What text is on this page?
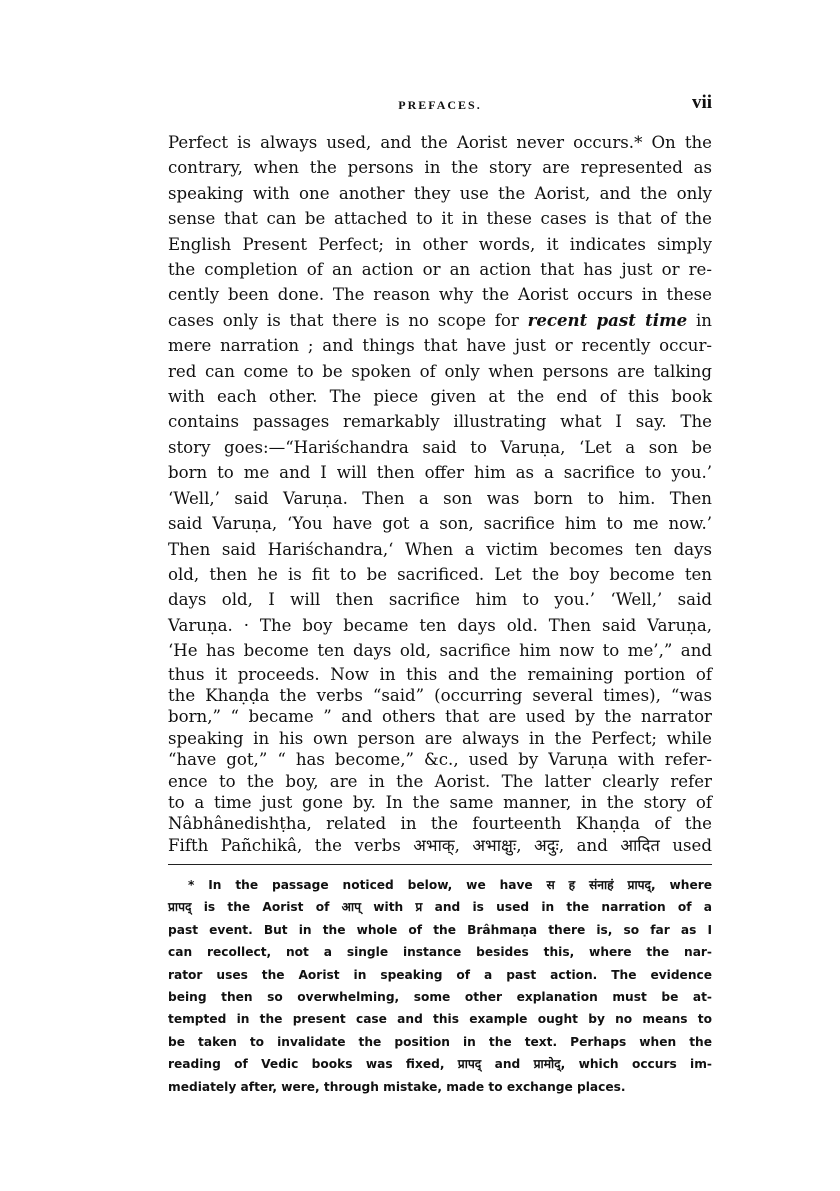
PREFACES.	vii
Perfect is always used, and the Aorist never occurs.* On the
contrary, when the persons in the story are represented as
speaking with one another they use the Aorist, and the only
sense that can be attached to it in these cases is that of the
English Present Perfect; in other words, it indicates simply
the completion of an action or an action that has just or re-
cently been done. The reason why the Aorist occurs in these
cases only is that there is no scope for recent past time in
mere narration ; and things that have just or recently occur-
red can come to be spoken of only when persons are talking
with each other. The piece given at the end of this book
contains passages remarkably illustrating what I say. The
story goes:—“Hariśchandra said to Varuṇa, ‘Let a son be
born to me and I will then offer him as a sacrifice to you.’
‘Well,’ said Varuṇa. Then a son was born to him. Then
said Varuṇa, ‘You have got a son, sacrifice him to me now.’
Then said Hariśchandra,‘ When a victim becomes ten days
old, then he is fit to be sacrificed. Let the boy become ten
days old, I will then sacrifice him to you.’ ‘Well,’ said
Varuṇa. · The boy became ten days old. Then said Varuṇa,
‘He has become ten days old, sacrifice him now to me’,” and
thus it proceeds. Now in this and the remaining portion of
the Khaṇḍa the verbs “said” (occurring several times), “was
born,” “ became ” and others that are used by the narrator
speaking in his own person are always in the Perfect; while
“have got,” “ has become,” &c., used by Varuṇa with refer-
ence to the boy, are in the Aorist. The latter clearly refer
to a time just gone by. In the same manner, in the story of
Nâbhânedishṭha, related in the fourteenth Khaṇḍa of the
Fifth Pañchikâ, the verbs अभाक्, अभाक्षुः, अदुः, and आदित used
* In the passage noticed below, we have स ह संनाहं प्रापद्, where
प्रापद् is the Aorist of आप् with प्र and is used in the narration of a
past event. But in the whole of the Brâhmaṇa there is, so far as I
can recollect, not a single instance besides this, where the nar-
rator uses the Aorist in speaking of a past action. The evidence
being then so overwhelming, some other explanation must be at-
tempted in the present case and this example ought by no means to
be taken to invalidate the position in the text. Perhaps when the
reading of Vedic books was fixed, प्रापद् and प्रामोद्, which occurs im-
mediately after, were, through mistake, made to exchange places.
